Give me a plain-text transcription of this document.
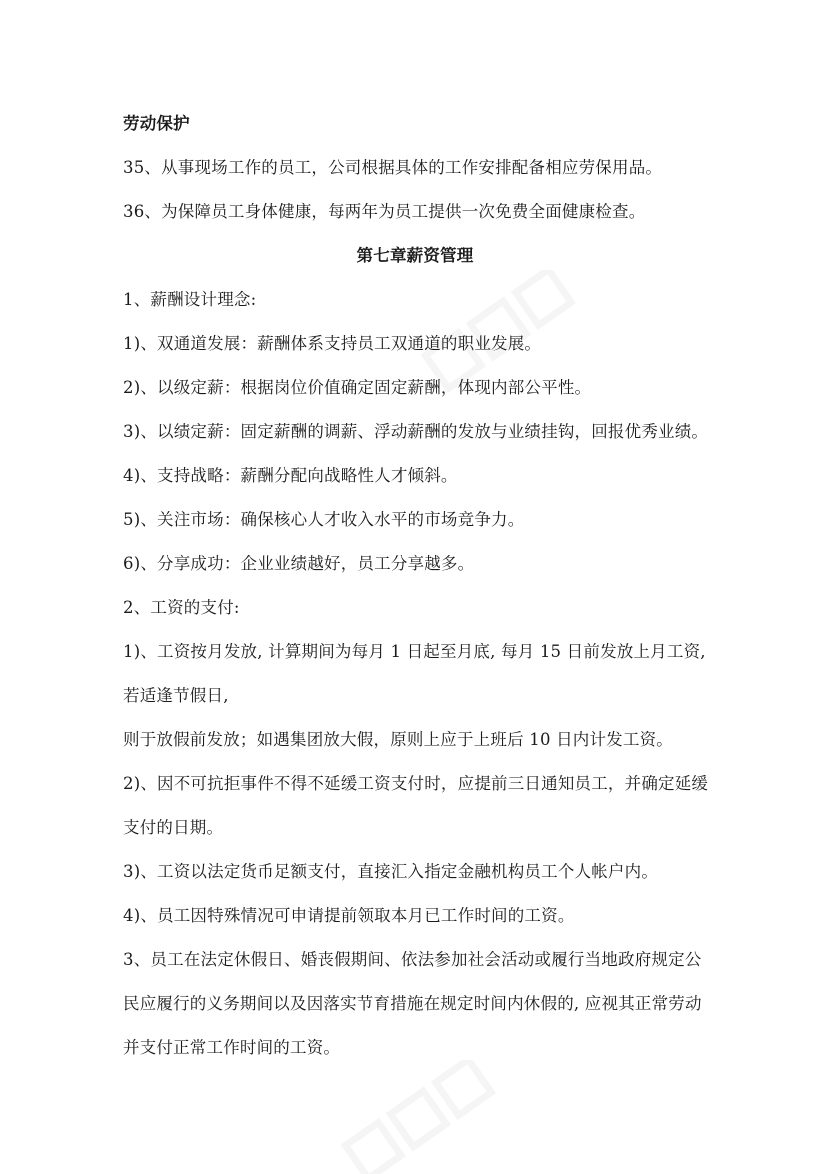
劳动保护
35、从事现场工作的员工，公司根据具体的工作安排配备相应劳保用品。
36、为保障员工身体健康，每两年为员工提供一次免费全面健康检查。
第七章薪资管理
1、薪酬设计理念:
1)、双通道发展：薪酬体系支持员工双通道的职业发展。
2)、以级定薪：根据岗位价值确定固定薪酬，体现内部公平性。
3)、以绩定薪：固定薪酬的调薪、浮动薪酬的发放与业绩挂钩，回报优秀业绩。
4)、支持战略：薪酬分配向战略性人才倾斜。
5)、关注市场：确保核心人才收入水平的市场竞争力。
6)、分享成功：企业业绩越好，员工分享越多。
2、工资的支付:
1)、工资按月发放, 计算期间为每月 1 日起至月底, 每月 15 日前发放上月工资,
若适逢节假日,
则于放假前发放；如遇集团放大假，原则上应于上班后 10 日内计发工资。
2)、因不可抗拒事件不得不延缓工资支付时，应提前三日通知员工，并确定延缓
支付的日期。
3)、工资以法定货币足额支付，直接汇入指定金融机构员工个人帐户内。
4)、员工因特殊情况可申请提前领取本月已工作时间的工资。
3、员工在法定休假日、婚丧假期间、依法参加社会活动或履行当地政府规定公
民应履行的义务期间以及因落实节育措施在规定时间内休假的, 应视其正常劳动
并支付正常工作时间的工资。
